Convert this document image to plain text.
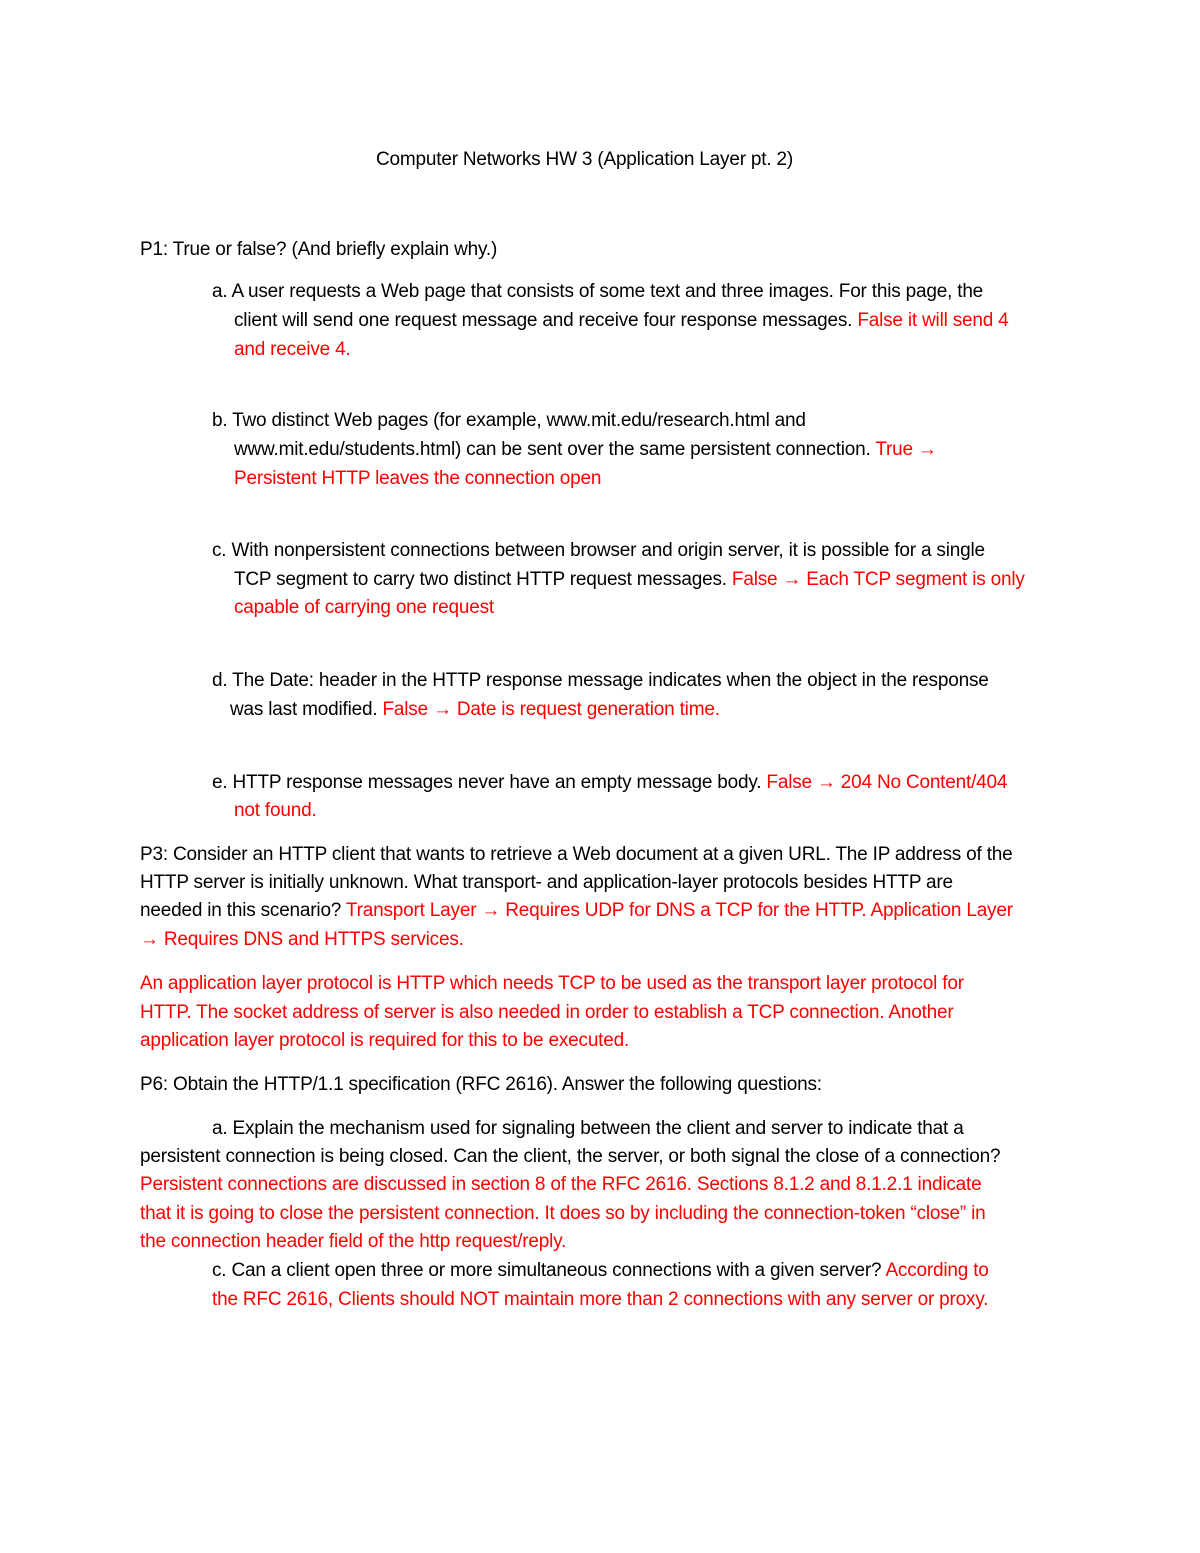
Computer Networks HW 3 (Application Layer pt. 2)
P1: True or false? (And briefly explain why.)
a. A user requests a Web page that consists of some text and three images. For this page, the
client will send one request message and receive four response messages. False it will send 4
and receive 4.
b. Two distinct Web pages (for example, www.mit.edu/research.html and
www.mit.edu/students.html) can be sent over the same persistent connection. True →
Persistent HTTP leaves the connection open
c. With nonpersistent connections between browser and origin server, it is possible for a single
TCP segment to carry two distinct HTTP request messages. False → Each TCP segment is only
capable of carrying one request
d. The Date: header in the HTTP response message indicates when the object in the response
was last modified. False → Date is request generation time.
e. HTTP response messages never have an empty message body. False → 204 No Content/404
not found.
P3: Consider an HTTP client that wants to retrieve a Web document at a given URL. The IP address of the
HTTP server is initially unknown. What transport- and application-layer protocols besides HTTP are
needed in this scenario? Transport Layer → Requires UDP for DNS a TCP for the HTTP. Application Layer
→ Requires DNS and HTTPS services.
An application layer protocol is HTTP which needs TCP to be used as the transport layer protocol for
HTTP. The socket address of server is also needed in order to establish a TCP connection. Another
application layer protocol is required for this to be executed.
P6: Obtain the HTTP/1.1 specification (RFC 2616). Answer the following questions:
a. Explain the mechanism used for signaling between the client and server to indicate that a
persistent connection is being closed. Can the client, the server, or both signal the close of a connection?
Persistent connections are discussed in section 8 of the RFC 2616. Sections 8.1.2 and 8.1.2.1 indicate
that it is going to close the persistent connection. It does so by including the connection-token “close” in
the connection header field of the http request/reply.
c. Can a client open three or more simultaneous connections with a given server? According to
the RFC 2616, Clients should NOT maintain more than 2 connections with any server or proxy.
